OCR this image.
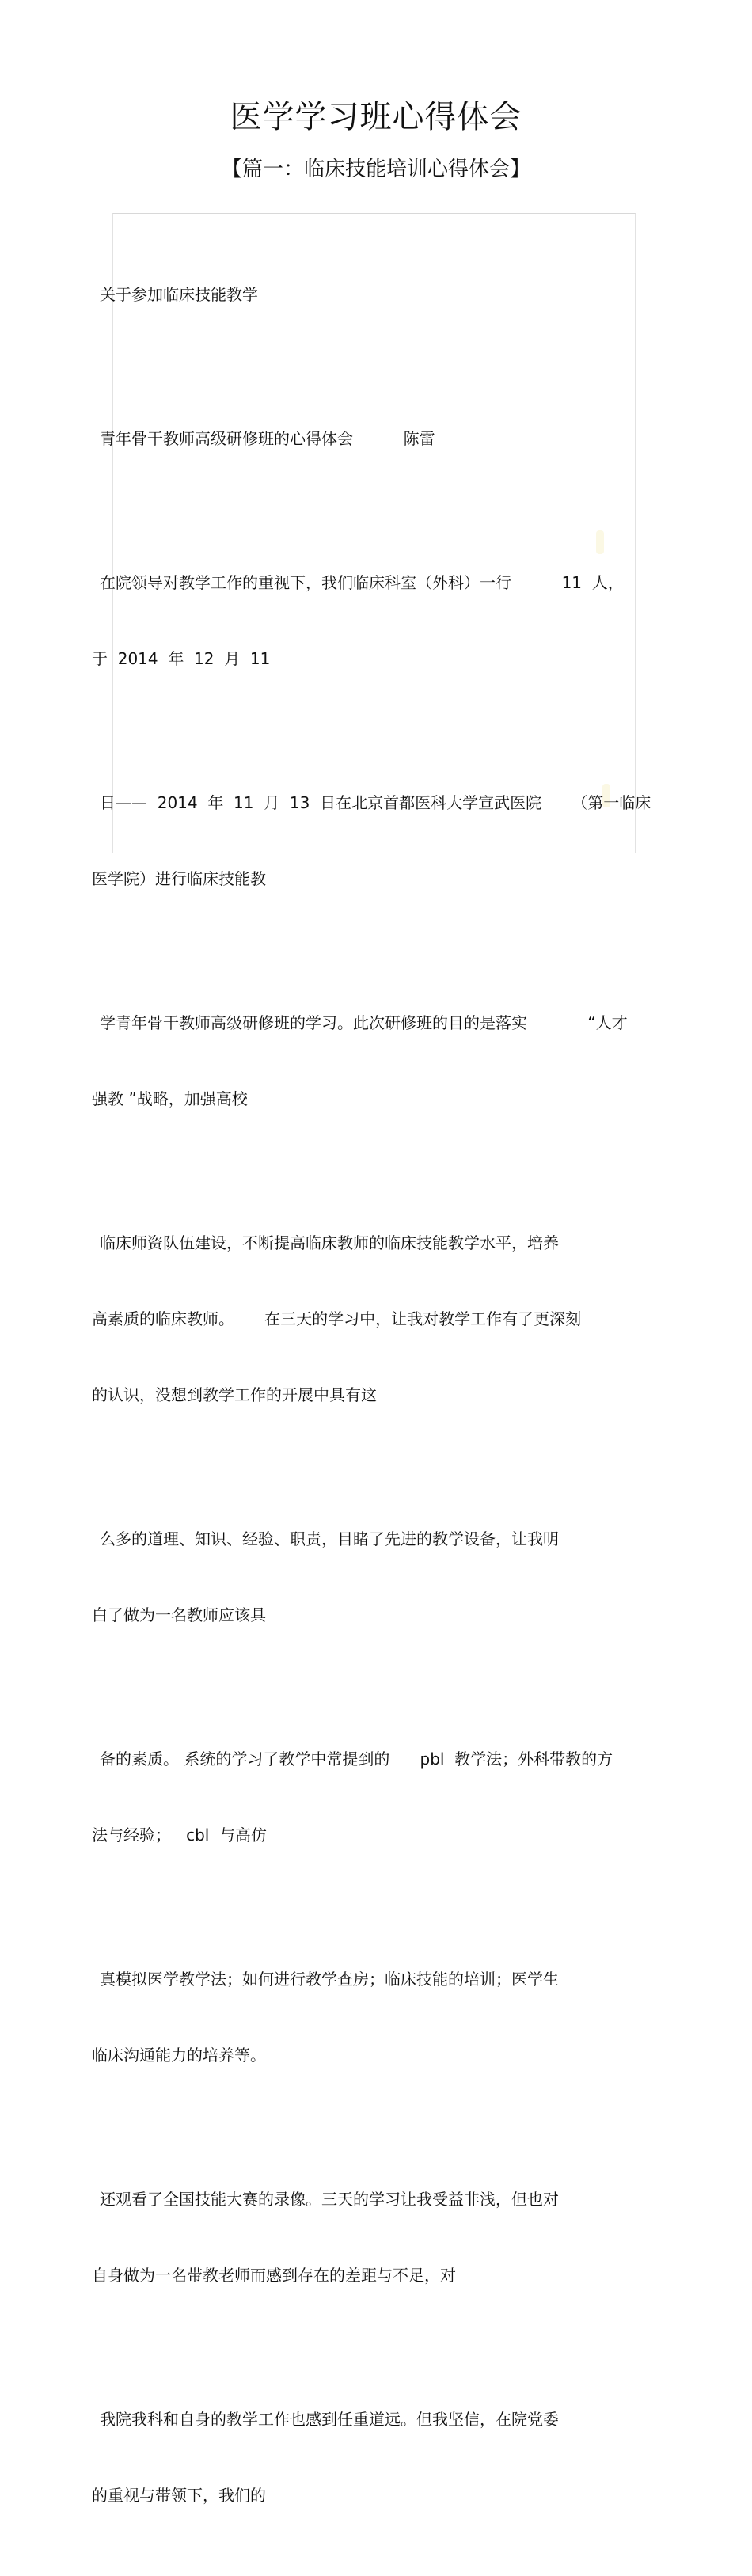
医学学习班心得体会
【篇一：临床技能培训心得体会】

关于参加临床技能教学

青年骨干教师高级研修班的心得体会          陈雷

在院领导对教学工作的重视下，我们临床科室（外科）一行          11  人，

于  2014  年  12  月  11

日——  2014  年  11  月  13  日在北京首都医科大学宣武医院      （第一临床

医学院）进行临床技能教

学青年骨干教师高级研修班的学习。此次研修班的目的是落实            “人才

强教 ”战略，加强高校

临床师资队伍建设，不断提高临床教师的临床技能教学水平，培养

高素质的临床教师。      在三天的学习中，让我对教学工作有了更深刻

的认识，没想到教学工作的开展中具有这

么多的道理、知识、经验、职责，目睹了先进的教学设备，让我明

白了做为一名教师应该具

备的素质。 系统的学习了教学中常提到的      pbl  教学法；外科带教的方

法与经验；   cbl  与高仿

真模拟医学教学法；如何进行教学查房；临床技能的培训；医学生

临床沟通能力的培养等。

还观看了全国技能大赛的录像。三天的学习让我受益非浅，但也对

自身做为一名带教老师而感到存在的差距与不足，对

我院我科和自身的教学工作也感到任重道远。但我坚信，在院党委

的重视与带领下，我们的
